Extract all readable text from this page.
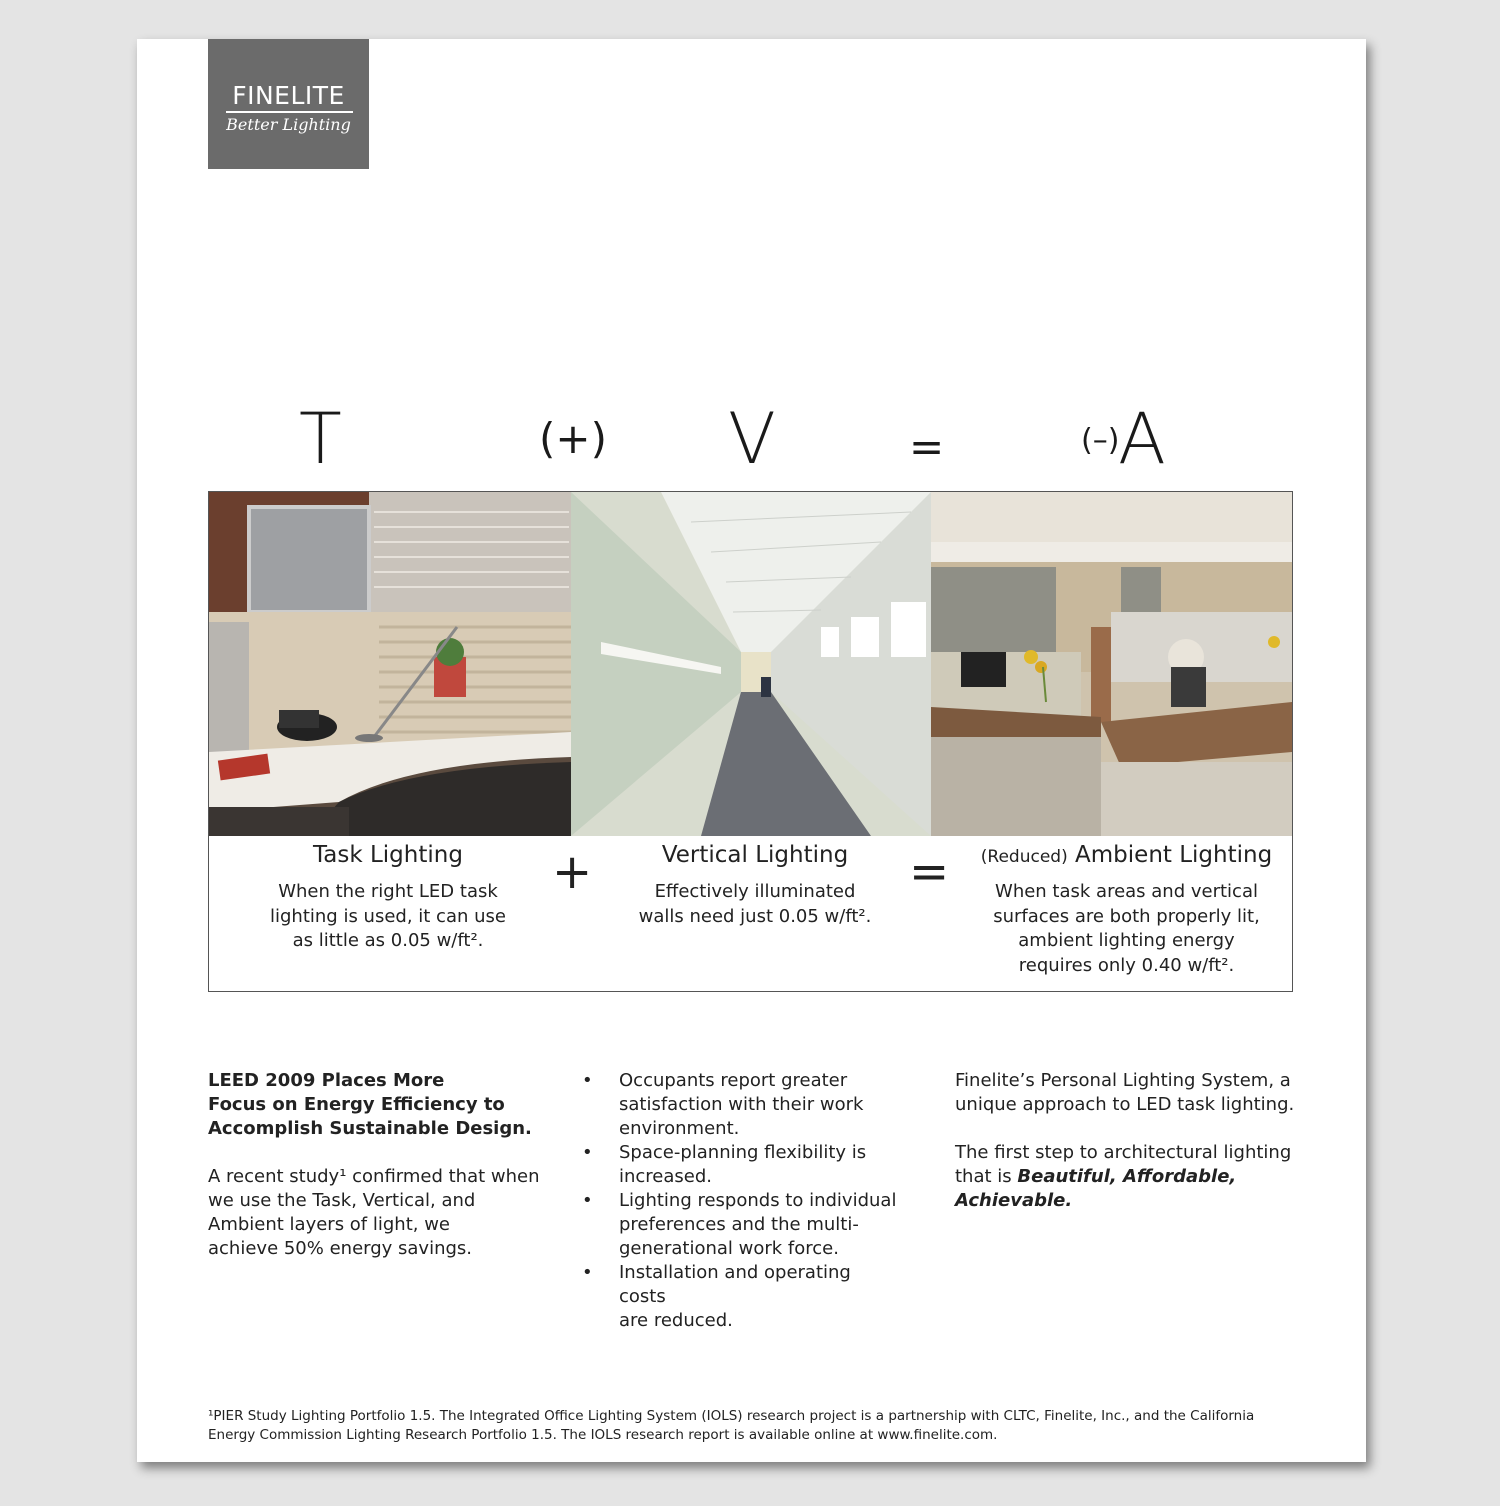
FINELITE
Better Lighting
T	(+) V	=	(–)
A
Task Lighting
When the right LED task
lighting is used, it can use
as little as 0.05 w/ft².
+	Vertical Lighting
Effectively illuminated
walls need just 0.05 w/ft².
=	(Reduced) Ambient Lighting
When task areas and vertical
surfaces are both properly lit,
ambient lighting energy
requires only 0.40 w/ft².
LEED 2009 Places More
Focus on Energy Efficiency to
Accomplish Sustainable Design.

A recent study¹ confirmed that when
we use the Task, Vertical, and
Ambient layers of light, we
achieve 50% energy savings.

• Occupants report greater
satisfaction with their work
environment.
• Space-planning flexibility is
increased.
• Lighting responds to individual
preferences and the multi-
generational work force.
• Installation and operating costs
are reduced.

Finelite’s Personal Lighting System, a
unique approach to LED task lighting.

The first step to architectural lighting
that is Beautiful, Affordable,
Achievable.

¹PIER Study Lighting Portfolio 1.5. The Integrated Office Lighting System (IOLS) research project is a partnership with CLTC, Finelite, Inc., and the California
Energy Commission Lighting Research Portfolio 1.5. The IOLS research report is available online at www.finelite.com.
